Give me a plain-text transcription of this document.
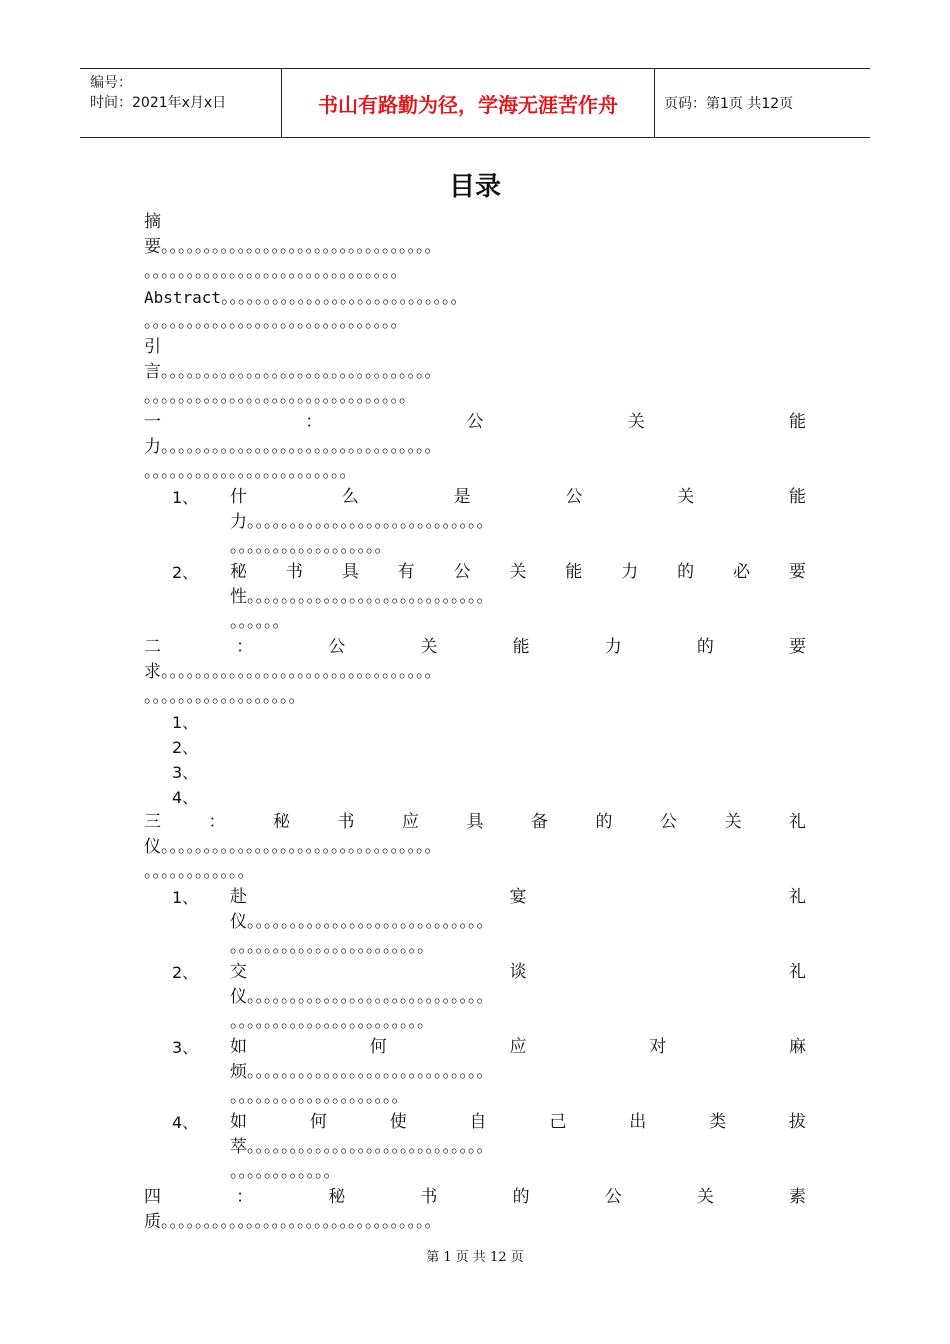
编号：
时间：2021年x月x日	书山有路勤为径，学海无涯苦作舟	页码：第1页 共12页
目录
摘
要。。。。。。。。。。。。。。。。。。。。。。。。。。。。。。。。
。。。。。。。。。。。。。。。。。。。。。。。。。。。。。。
Abstract。。。。。。。。。。。。。。。。。。。。。。。。。。。。
。。。。。。。。。。。。。。。。。。。。。。。。。。。。。。
引
言。。。。。。。。。。。。。。。。。。。。。。。。。。。。。。。。
。。。。。。。。。。。。。。。。。。。。。。。。。。。。。。。
一	：	公	关	能
力。。。。。。。。。。。。。。。。。。。。。。。。。。。。。。。。
。。。。。。。。。。。。。。。。。。。。。。。。
1、 什	么	是	公	关	能
力。。。。。。。。。。。。。。。。。。。。。。。。。。。。
。。。。。。。。。。。。。。。。。。
2、 秘 书 具 有 公 关 能 力 的 必 要
性。。。。。。。。。。。。。。。。。。。。。。。。。。。。
。。。。。。
二	：	公	关	能	力	的	要
求。。。。。。。。。。。。。。。。。。。。。。。。。。。。。。。。
。。。。。。。。。。。。。。。。。。
1、
2、
3、
4、
三	：	秘	书	应	具	备	的	公	关	礼
仪。。。。。。。。。。。。。。。。。。。。。。。。。。。。。。。。
。。。。。。。。。。。。
1、 赴	宴	礼
仪。。。。。。。。。。。。。。。。。。。。。。。。。。。。
。。。。。。。。。。。。。。。。。。。。。。。
2、 交	谈	礼
仪。。。。。。。。。。。。。。。。。。。。。。。。。。。。
。。。。。。。。。。。。。。。。。。。。。。。
3、 如	何	应	对	麻
烦。。。。。。。。。。。。。。。。。。。。。。。。。。。。
。。。。。。。。。。。。。。。。。。。。
4、 如	何	使	自	己	出	类	拔
萃。。。。。。。。。。。。。。。。。。。。。。。。。。。。
。。。。。。。。。。。。
四	：	秘	书	的	公	关	素
质。。。。。。。。。。。。。。。。。。。。。。。。。。。。。。。。
第 1 页 共 12 页
